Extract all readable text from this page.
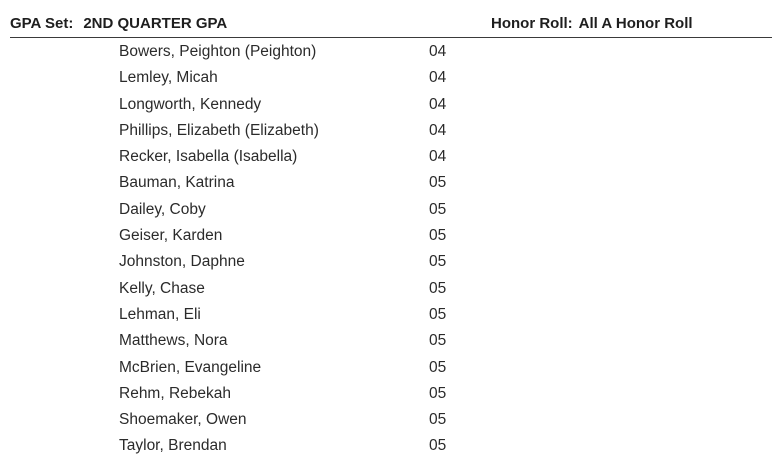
GPA Set: 2ND QUARTER GPA	Honor Roll: All A Honor Roll
Bowers, Peighton (Peighton)	04
Lemley, Micah	04
Longworth, Kennedy	04
Phillips, Elizabeth (Elizabeth)	04
Recker, Isabella (Isabella)	04
Bauman, Katrina	05
Dailey, Coby	05
Geiser, Karden	05
Johnston, Daphne	05
Kelly, Chase	05
Lehman, Eli	05
Matthews, Nora	05
McBrien, Evangeline	05
Rehm, Rebekah	05
Shoemaker, Owen	05
Taylor, Brendan	05
